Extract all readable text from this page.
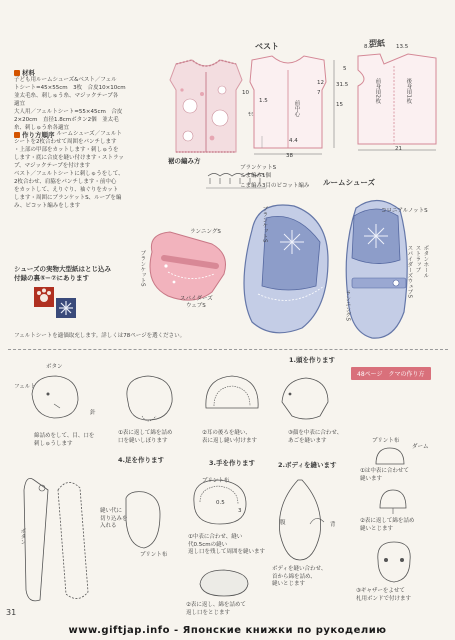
材料
子ども用ルームシューズ&ベスト／フェル
トシート=45×55cm　3枚　合皮10×10cm
並太毛糸、刺しゅう糸、マジックテープ各
適宜
大人用／フェルトシート=55×45cm　合皮
2×20cm　直径1.8cmボタン2個　並太毛
糸、刺しゅう糸各適宜
作り方順序 ルームシューズ／フェルト
シートを2枚合わせて周囲をパンチします
・上部の甲部をカットします・刺しゅうを
します・底に合皮を縫い付けます・ストラッ
プ、マジックテープを付けます
ベスト／フェルトシートに刺しゅうをして、
2枚合わせ、肩脇をパンチします・前中心
をカットして、えりぐり、袖ぐりをカット
します・周囲にブランケットS、ループを編
み、ピコット編みをします
シューズの実物大型紙はとじ込み
付録の裏⑤−⑦にあります
フェルトシートを適価取充します。詳しくは78ページを選ください。
ベスト
10
1.5
12
7
15
4.4
38
前中心
ﾓﾐ
型紙
8.5	13.5
5
31.5
21
前身頃2枚	後身頃1枚
裾の編み方
ブランケットS
こま編み1個
こま編み3目のピコット編み
ランニングS
ブランケットS
スパイダーズ
ウェブS
ルームシューズ
コロニアルノットS
ブランケットS
ストラップ ボタンホール
スパイダーズウェブS
ランニングS
48ページ　クマの作り方
1.頭を作ります
フェルト
ボタン
針
綿詰めをして、目、口を
刺しゅうします
①表に返して綿を詰め
口を縫いしぼります
②耳の後ろを縫い、
表に返し縫い付けます
③顔を中表に合わせ、
あごを縫います	プリント布
ダーム
①は中表に合わせて
縫います
②表に返して綿を詰め
縫いとじます
③ギャザーをよせて
札用ボンドで付けます
4.足を作ります
ボタン
縫い代に
切り込みを
入れる
プリント布
3.手を作ります
プリント布
0.5
3
①中表に合わせ、縫い
代0.5cmの縫い
返し口を残して周囲を縫います
②表に返し、綿を詰めて
返し口をとじます
2.ボディを縫います
腹	背
ボディを縫い合わせ、
首から綿を詰め、
縫いとじます
31
www.giftjap.info - Японские книжки по рукоделию
